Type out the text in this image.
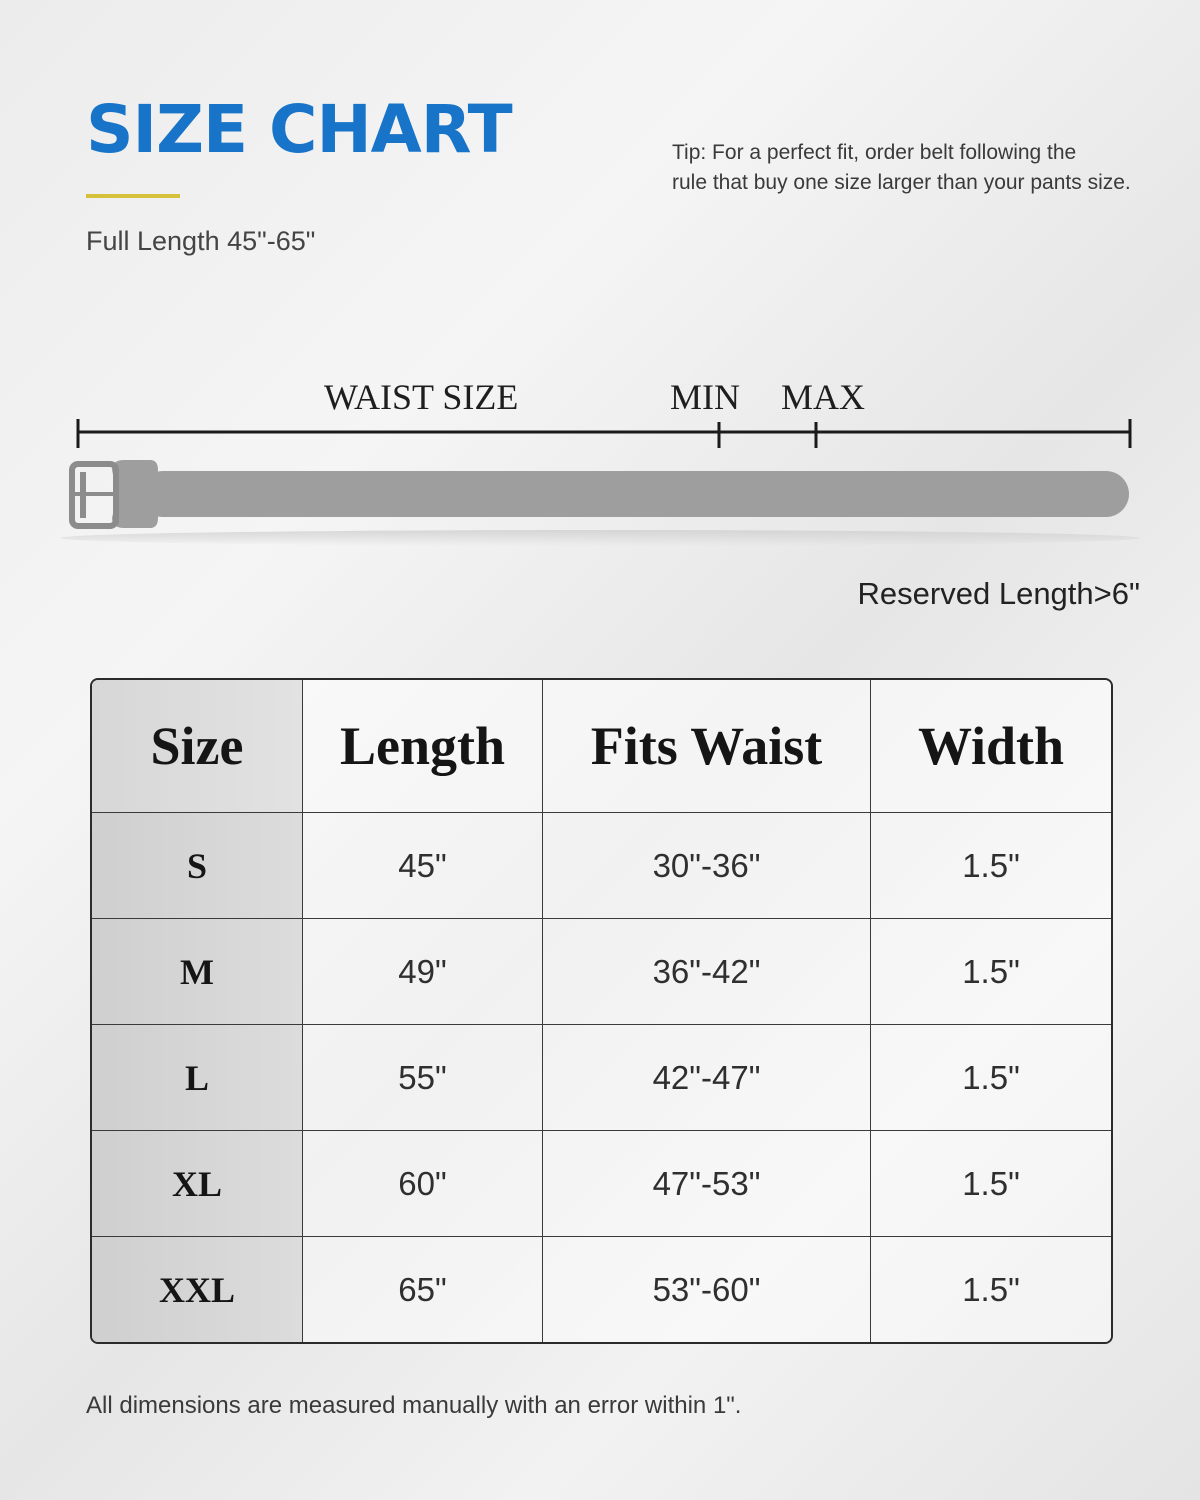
SIZE CHART
Full Length 45"-65"
Tip: For a perfect fit, order belt following the
rule that buy one size larger than your pants size.
WAIST SIZE	MIN MAX
Reserved Length>6"
Size	Length	Fits Waist	Width
S	45"	30"-36"	1.5"
M	49"	36"-42"	1.5"
L	55"	42"-47"	1.5"
XL	60"	47"-53"	1.5"
XXL	65"	53"-60"	1.5"
All dimensions are measured manually with an error within 1".
